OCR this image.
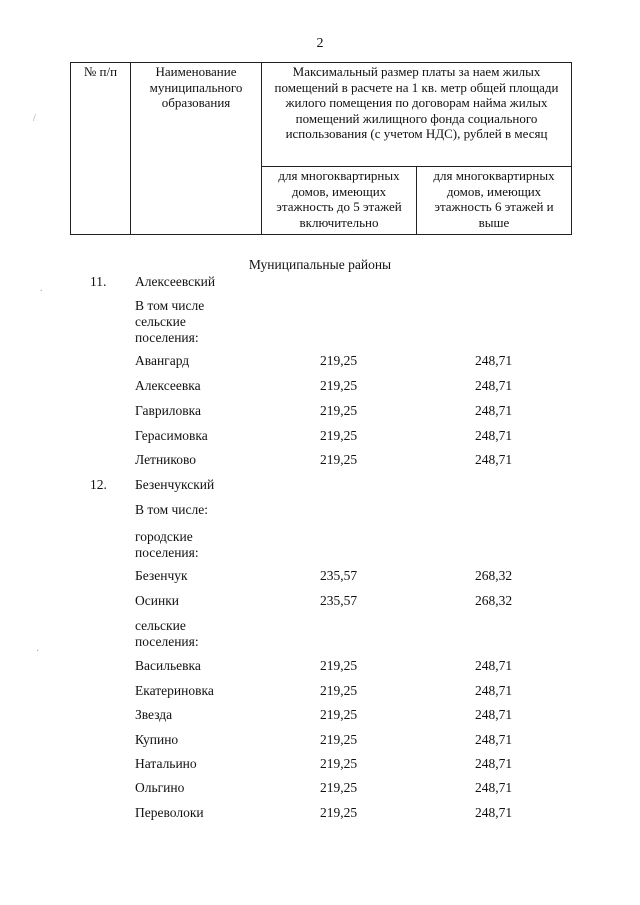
2
№ п/п	Наименование муниципального образования	Максимальный размер платы за наем жилых помещений в расчете на 1 кв. метр общей площади жилого помещения по договорам найма жилых помещений жилищного фонда социального использования (с учетом НДС), рублей в месяц	

		для многоквартирных домов, имеющих этажность до 5 этажей включительно	для многоквартирных домов, имеющих этажность 6 этажей и выше
Муниципальные районы
11. Алексеевский
В том числе сельские поселения:
Авангард	219,25	248,71
Алексеевка	219,25	248,71
Гавриловка	219,25	248,71
Герасимовка	219,25	248,71
Летниково	219,25	248,71
12. Безенчукский
В том числе:
городские поселения:
Безенчук	235,57	268,32
Осинки	235,57	268,32
сельские поселения:
Васильевка	219,25	248,71
Екатериновка	219,25	248,71
Звезда	219,25	248,71
Купино	219,25	248,71
Натальино	219,25	248,71
Ольгино	219,25	248,71
Переволоки	219,25	248,71
/
.
·
